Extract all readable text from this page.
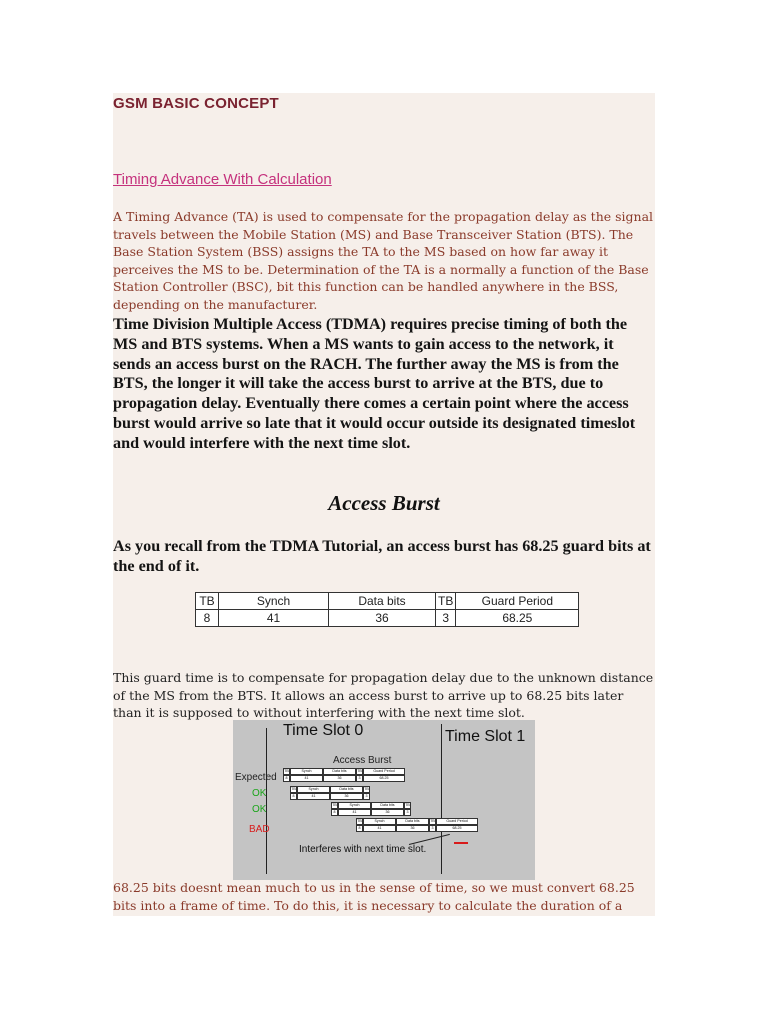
GSM BASIC CONCEPT
Timing Advance With Calculation

A Timing Advance (TA) is used to compensate for the propagation delay as the signal travels between the Mobile Station (MS) and Base Transceiver Station (BTS). The Base Station System (BSS) assigns the TA to the MS based on how far away it perceives the MS to be. Determination of the TA is a normally a function of the Base Station Controller (BSC), bit this function can be handled anywhere in the BSS, depending on the manufacturer.

Time Division Multiple Access (TDMA) requires precise timing of both the MS and BTS systems. When a MS wants to gain access to the network, it sends an access burst on the RACH. The further away the MS is from the BTS, the longer it will take the access burst to arrive at the BTS, due to propagation delay. Eventually there comes a certain point where the access burst would arrive so late that it would occur outside its designated timeslot and would interfere with the next time slot.

Access Burst

As you recall from the TDMA Tutorial, an access burst has 68.25 guard bits at the end of it.

TB	Synch	Data bits	TB	Guard Period
8	41	36	3	68.25

This guard time is to compensate for propagation delay due to the unknown distance of the MS from the BTS. It allows an access burst to arrive up to 68.25 bits later than it is supposed to without interfering with the next time slot.

Time Slot 0	Time Slot 1
Access Burst
Expected
OK
OK
BAD
TB
8
Synch
41
Data bits
36
TB
3
Guard Period
68.25
TB
8
Synch
41
Data bits
36
TB
3
TB
8
Synch
41
Data bits
36
TB
3
TB
8
Synch
41
Data bits
36
TB
3
Guard Period
68.25
Interferes with next time slot.

68.25 bits doesnt mean much to us in the sense of time, so we must convert 68.25 bits into a frame of time. To do this, it is necessary to calculate the duration of a
